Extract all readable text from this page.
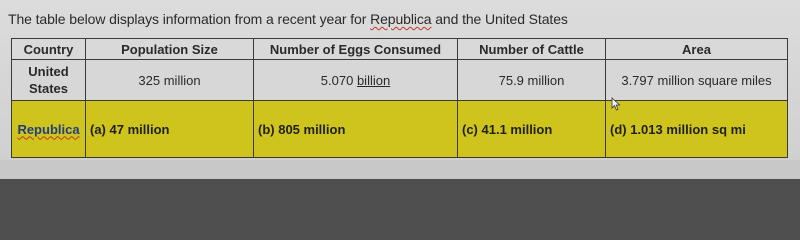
The table below displays information from a recent year for Republica and the United States
Country	Population Size	Number of Eggs Consumed	Number of Cattle	Area
United
States	325 million	5.070 billion	75.9 million	3.797 million square miles
Republica	(a) 47 million	(b) 805 million	(c) 41.1 million	(d) 1.013 million sq mi
